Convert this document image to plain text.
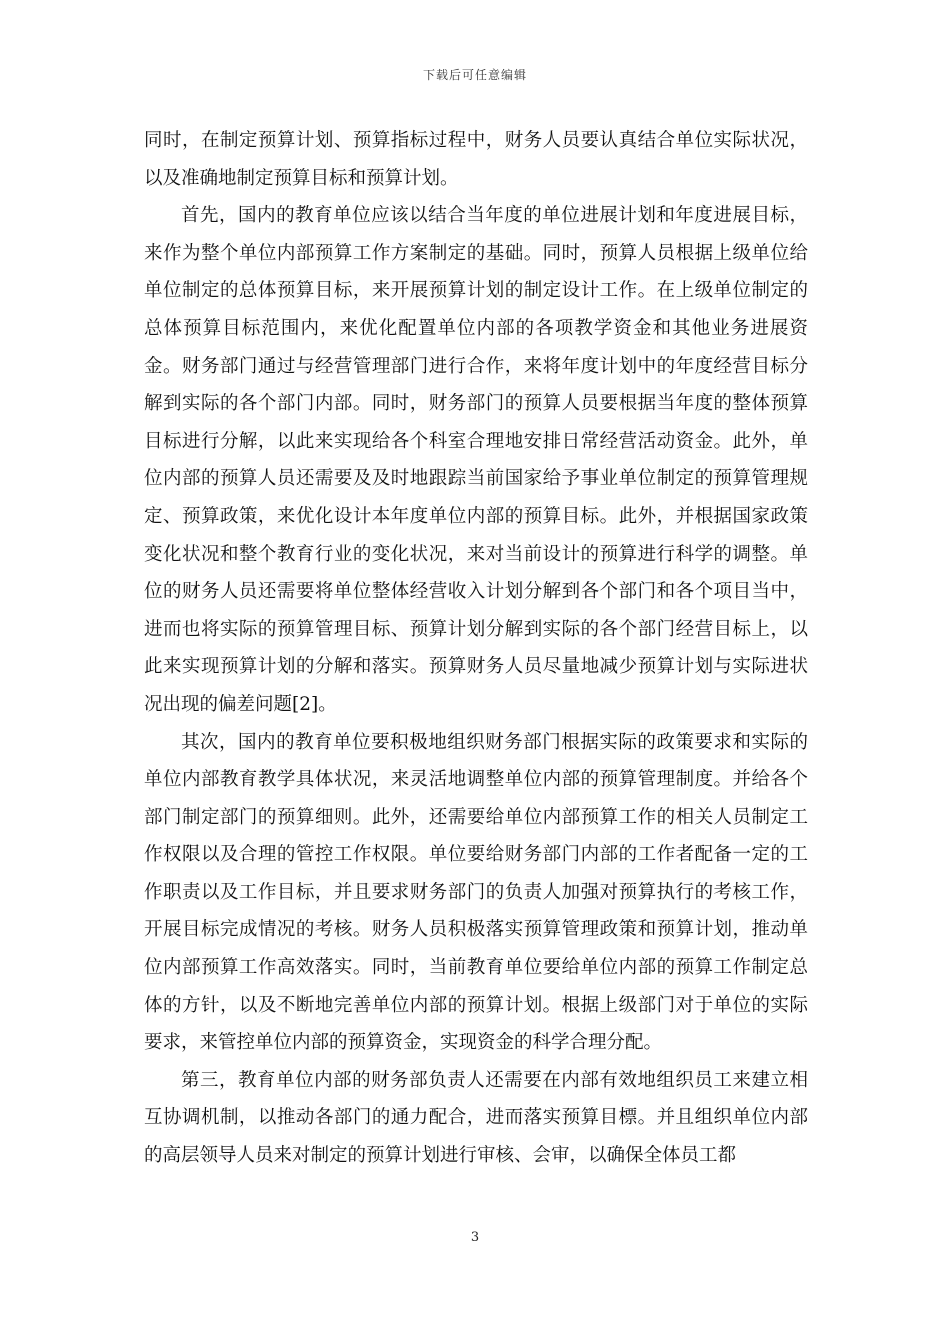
下载后可任意编辑

同时，在制定预算计划、预算指标过程中，财务人员要认真结合单位实际状况，以及准确地制定预算目标和预算计划。

首先，国内的教育单位应该以结合当年度的单位进展计划和年度进展目标，来作为整个单位内部预算工作方案制定的基础。同时，预算人员根据上级单位给单位制定的总体预算目标，来开展预算计划的制定设计工作。在上级单位制定的总体预算目标范围内，来优化配置单位内部的各项教学资金和其他业务进展资金。财务部门通过与经营管理部门进行合作，来将年度计划中的年度经营目标分解到实际的各个部门内部。同时，财务部门的预算人员要根据当年度的整体预算目标进行分解，以此来实现给各个科室合理地安排日常经营活动资金。此外，单位内部的预算人员还需要及及时地跟踪当前国家给予事业单位制定的预算管理规定、预算政策，来优化设计本年度单位内部的预算目标。此外，并根据国家政策变化状况和整个教育行业的变化状况，来对当前设计的预算进行科学的调整。单位的财务人员还需要将单位整体经营收入计划分解到各个部门和各个项目当中，进而也将实际的预算管理目标、预算计划分解到实际的各个部门经营目标上，以此来实现预算计划的分解和落实。预算财务人员尽量地减少预算计划与实际进状况出现的偏差问题[2]。

其次，国内的教育单位要积极地组织财务部门根据实际的政策要求和实际的单位内部教育教学具体状况，来灵活地调整单位内部的预算管理制度。并给各个部门制定部门的预算细则。此外，还需要给单位内部预算工作的相关人员制定工作权限以及合理的管控工作权限。单位要给财务部门内部的工作者配备一定的工作职责以及工作目标，并且要求财务部门的负责人加强对预算执行的考核工作，开展目标完成情况的考核。财务人员积极落实预算管理政策和预算计划，推动单位内部预算工作高效落实。同时，当前教育单位要给单位内部的预算工作制定总体的方针，以及不断地完善单位内部的预算计划。根据上级部门对于单位的实际要求，来管控单位内部的预算资金，实现资金的科学合理分配。

第三，教育单位内部的财务部负责人还需要在内部有效地组织员工来建立相互协调机制，以推动各部门的通力配合，进而落实预算目標。并且组织单位内部的高层领导人员来对制定的预算计划进行审核、会审，以确保全体员工都

3
